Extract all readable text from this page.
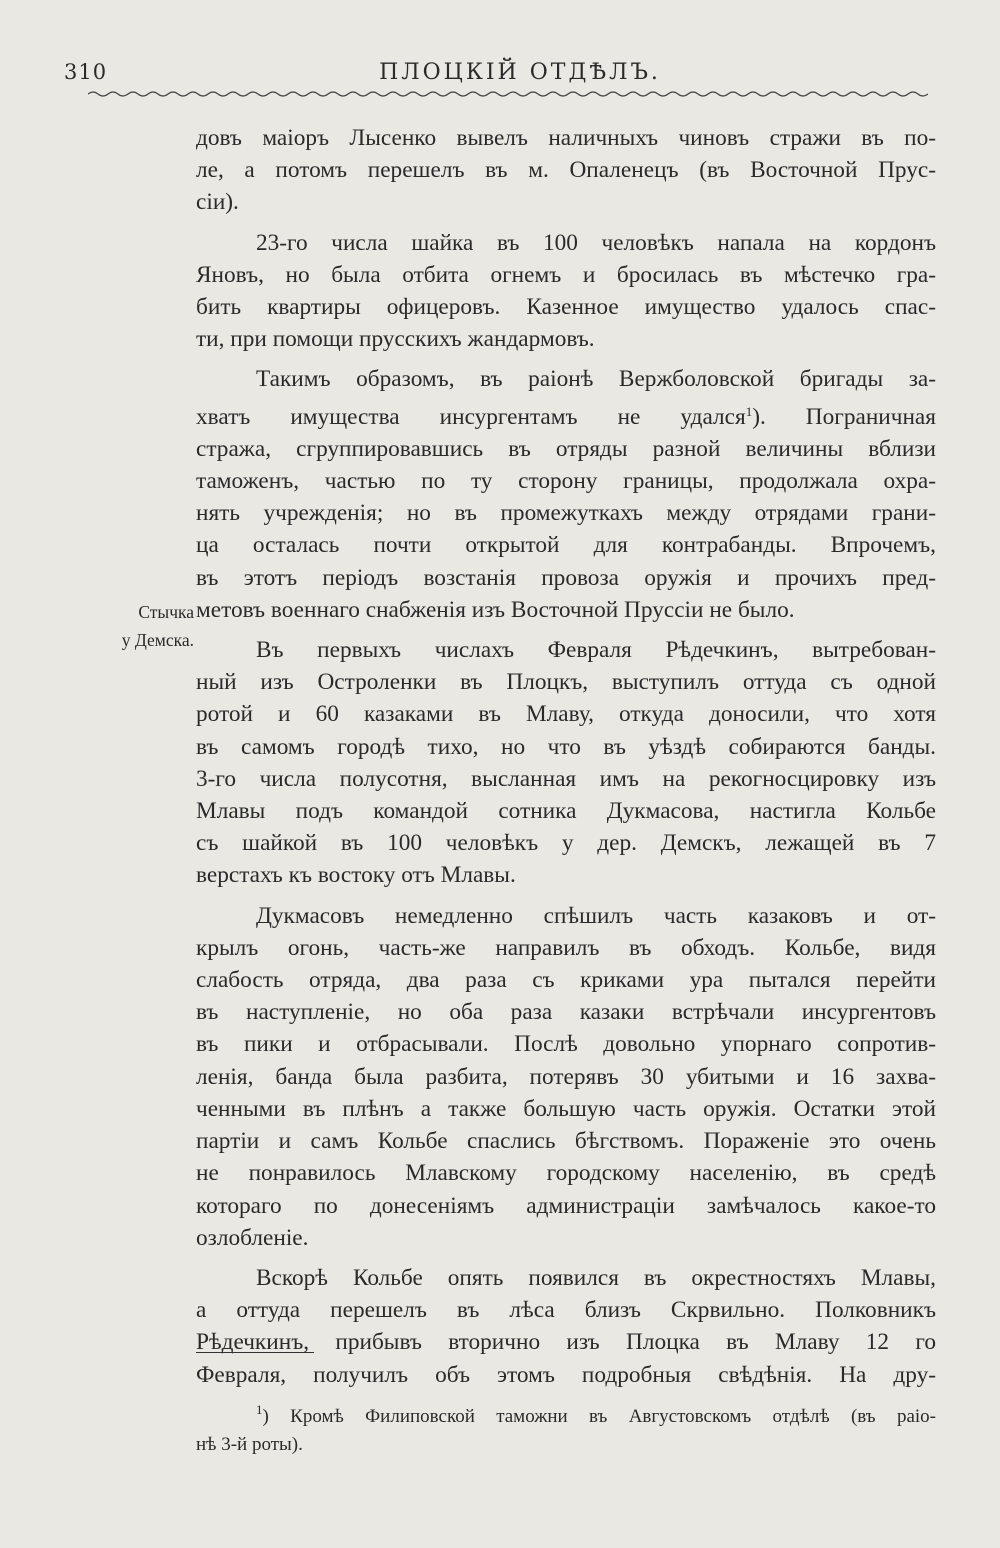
310	ПЛОЦКІЙ ОТДѢЛЪ.
Стычка
у Демска.
довъ маіоръ Лысенко вывелъ наличныхъ чиновъ стражи въ по-
ле, а потомъ перешелъ въ м. Опаленецъ (въ Восточной Прус-
сіи).
23-го числа шайка въ 100 человѣкъ напала на кордонъ
Яновъ, но была отбита огнемъ и бросилась въ мѣстечко гра-
бить квартиры офицеровъ. Казенное имущество удалось спас-
ти, при помощи прусскихъ жандармовъ.
Такимъ образомъ, въ раіонѣ Вержболовской бригады за-
хватъ имущества инсургентамъ не удался$^1$). Пограничная
стража, сгруппировавшись въ отряды разной величины вблизи
таможенъ, частью по ту сторону границы, продолжала охра-
нять учрежденія; но въ промежуткахъ между отрядами грани-
ца осталась почти открытой для контрабанды. Впрочемъ,
въ этотъ періодъ возстанія провоза оружія и прочихъ пред-
метовъ военнаго снабженія изъ Восточной Пруссіи не было.
Въ первыхъ числахъ Февраля Рѣдечкинъ, вытребован-
ный изъ Остроленки въ Плоцкъ, выступилъ оттуда съ одной
ротой и 60 казаками въ Млаву, откуда доносили, что хотя
въ самомъ городѣ тихо, но что въ уѣздѣ собираются банды.
3-го числа полусотня, высланная имъ на рекогносцировку изъ
Млавы подъ командой сотника Дукмасова, настигла Кольбе
съ шайкой въ 100 человѣкъ у дер. Демскъ, лежащей въ 7
верстахъ къ востоку отъ Млавы.
Дукмасовъ немедленно спѣшилъ часть казаковъ и от-
крылъ огонь, часть-же направилъ въ обходъ. Кольбе, видя
слабость отряда, два раза съ криками ура пытался перейти
въ наступленіе, но оба раза казаки встрѣчали инсургентовъ
въ пики и отбрасывали. Послѣ довольно упорнаго сопротив-
ленія, банда была разбита, потерявъ 30 убитыми и 16 захва-
ченными въ плѣнъ а также большую часть оружія. Остатки этой
партіи и самъ Кольбе спаслись бѣгствомъ. Пораженіе это очень
не понравилось Млавскому городскому населенію, въ средѣ
котораго по донесеніямъ администраціи замѣчалось какое-то
озлобленіе.
Вскорѣ Кольбе опять появился въ окрестностяхъ Млавы,
а оттуда перешелъ въ лѣса близъ Скрвильно. Полковникъ
Рѣдечкинъ, прибывъ вторично изъ Плоцка въ Млаву 12 го
Февраля, получилъ объ этомъ подробныя свѣдѣнія. На дру-
$^1$) Кромѣ Филиповской таможни въ Августовскомъ отдѣлѣ (въ раіо-
нѣ 3-й роты).
